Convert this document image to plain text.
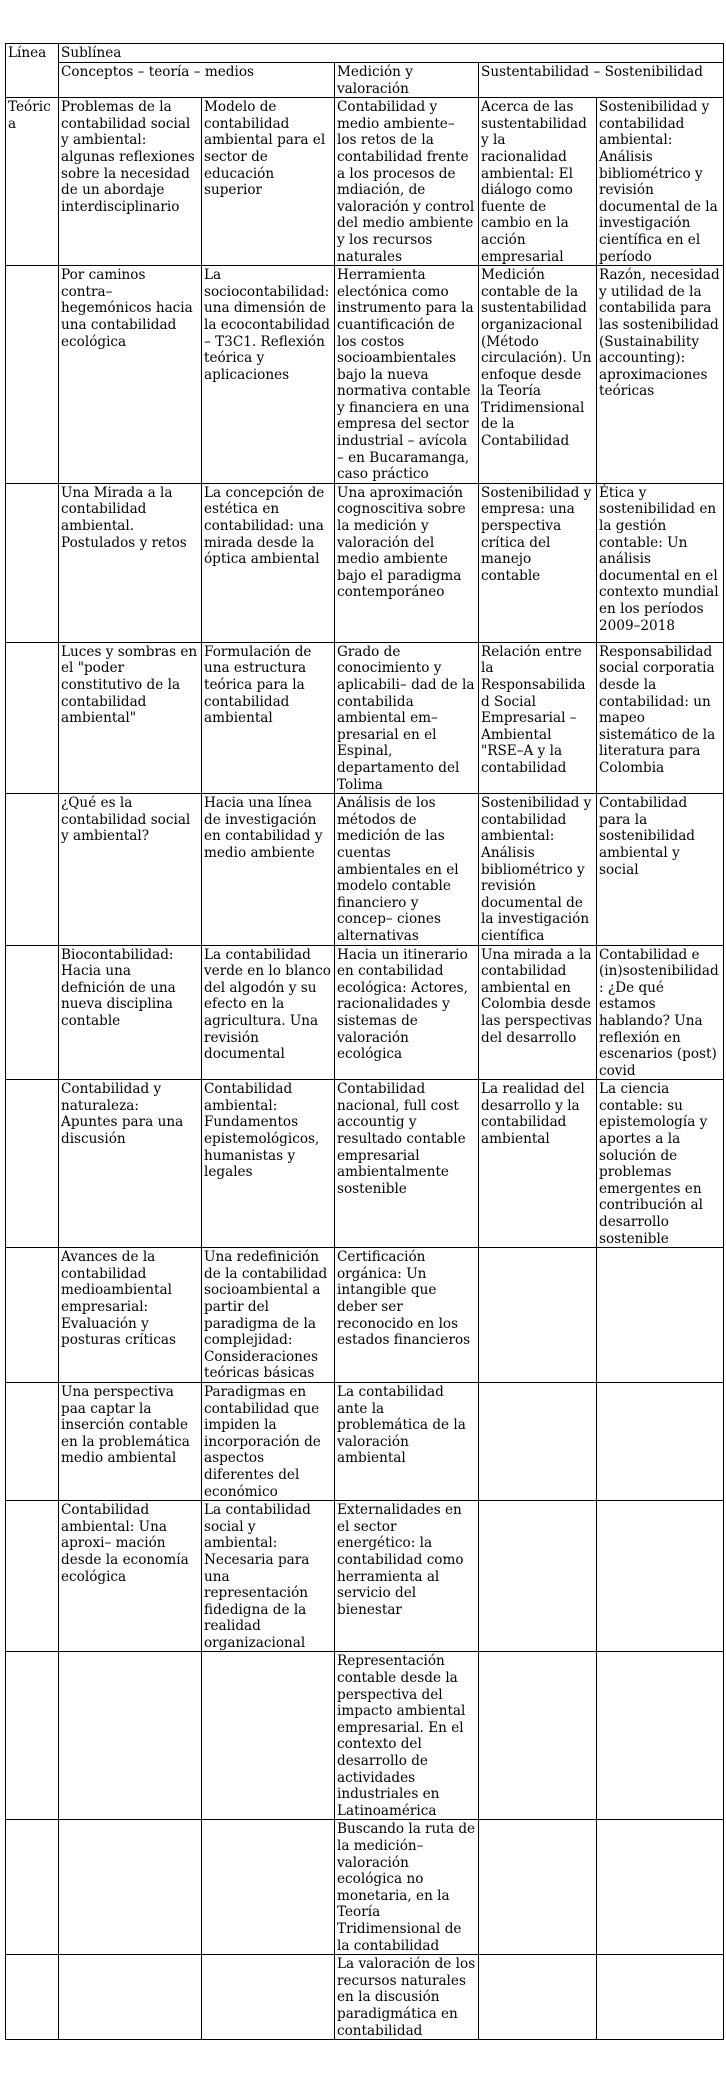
Línea	Sublínea				
	Conceptos – teoría – medios		Medición y valoración	Sustentabilidad – Sostenibilidad	
Teórica	Problemas de la contabilidad social y ambiental: algunas reflexiones sobre la necesidad de un abordaje interdisciplinario	Modelo de contabilidad ambiental para el sector de educación superior	Contabilidad y medio ambiente– los retos de la contabilidad frente a los procesos de mdiación, de valoración y control del medio ambiente y los recursos naturales	Acerca de las sustentabilidad y la racionalidad ambiental: El diálogo como fuente de cambio en la acción empresarial	Sostenibilidad y contabilidad ambiental: Análisis bibliométrico y revisión documental de la investigación científica en el período
	Por caminos contra–hegemónicos hacia una contabilidad ecológica	La sociocontabilidad: una dimensión de la ecocontabilidad – T3C1. Reflexión teórica y aplicaciones	Herramienta electónica como instrumento para la cuantificación de los costos socioambientales bajo la nueva normativa contable y financiera en una empresa del sector industrial – avícola – en Bucaramanga, caso práctico	Medición contable de la sustentabilidad organizacional (Método circulación). Un enfoque desde la Teoría Tridimensional de la Contabilidad	Razón, necesidad y utilidad de la contabilida para las sostenibilidad (Sustainability accounting): aproximaciones teóricas
	Una Mirada a la contabilidad ambiental. Postulados y retos	La concepción de estética en contabilidad: una mirada desde la óptica ambiental	Una aproximación cognoscitiva sobre la medición y valoración del medio ambiente bajo el paradigma contemporáneo	Sostenibilidad y empresa: una perspectiva crítica del manejo contable	Ética y sostenibilidad en la gestión contable: Un análisis documental en el contexto mundial en los períodos 2009–2018
	Luces y sombras en el "poder constitutivo de la contabilidad ambiental"	Formulación de una estructura teórica para la contabilidad ambiental	Grado de conocimiento y aplicabili– dad de la contabilida ambiental em– presarial en el Espinal, departamento del Tolima	Relación entre la Responsabilidad Social Empresarial – Ambiental "RSE–A y la contabilidad	Responsabilidad social corporatia desde la contabilidad: un mapeo sistemático de la literatura para Colombia
	¿Qué es la contabilidad social y ambiental?	Hacia una línea de investigación en contabilidad y medio ambiente	Análisis de los métodos de medición de las cuentas ambientales en el modelo contable financiero y concep– ciones alternativas	Sostenibilidad y contabilidad ambiental: Análisis bibliométrico y revisión documental de la investigación científica	Contabilidad para la sostenibilidad ambiental y social
	Biocontabilidad: Hacia una defnición de una nueva disciplina contable	La contabilidad verde en lo blanco del algodón y su efecto en la agricultura. Una revisión documental	Hacia un itinerario en contabilidad ecológica: Actores, racionalidades y sistemas de valoración ecológica	Una mirada a la contabilidad ambiental en Colombia desde las perspectivas del desarrollo	Contabilidad e (in)sostenibilidad: ¿De qué estamos hablando? Una reflexión en escenarios (post) covid
	Contabilidad y naturaleza: Apuntes para una discusión	Contabilidad ambiental: Fundamentos epistemológicos, humanistas y legales	Contabilidad nacional, full cost accountig y resultado contable empresarial ambientalmente sostenible	La realidad del desarrollo y la contabilidad ambiental	La ciencia contable: su epistemología y aportes a la solución de problemas emergentes en contribución al desarrollo sostenible
	Avances de la contabilidad medioambiental empresarial: Evaluación y posturas críticas	Una redefinición de la contabilidad socioambiental a partir del paradigma de la complejidad: Consideraciones teóricas básicas	Certificación orgánica: Un intangible que deber ser reconocido en los estados financieros		
	Una perspectiva paa captar la inserción contable en la problemática medio ambiental	Paradigmas en contabilidad que impiden la incorporación de aspectos diferentes del económico	La contabilidad ante la problemática de la valoración ambiental		
	Contabilidad ambiental: Una aproxi– mación desde la economía ecológica	La contabilidad social y ambiental: Necesaria para una representación fidedigna de la realidad organizacional	Externalidades en el sector energético: la contabilidad como herramienta al servicio del bienestar		
			Representación contable desde la perspectiva del impacto ambiental empresarial. En el contexto del desarrollo de actividades industriales en Latinoamérica		
			Buscando la ruta de la medición–valoración ecológica no monetaria, en la Teoría Tridimensional de la contabilidad		
			La valoración de los recursos naturales en la discusión paradigmática en contabilidad		
